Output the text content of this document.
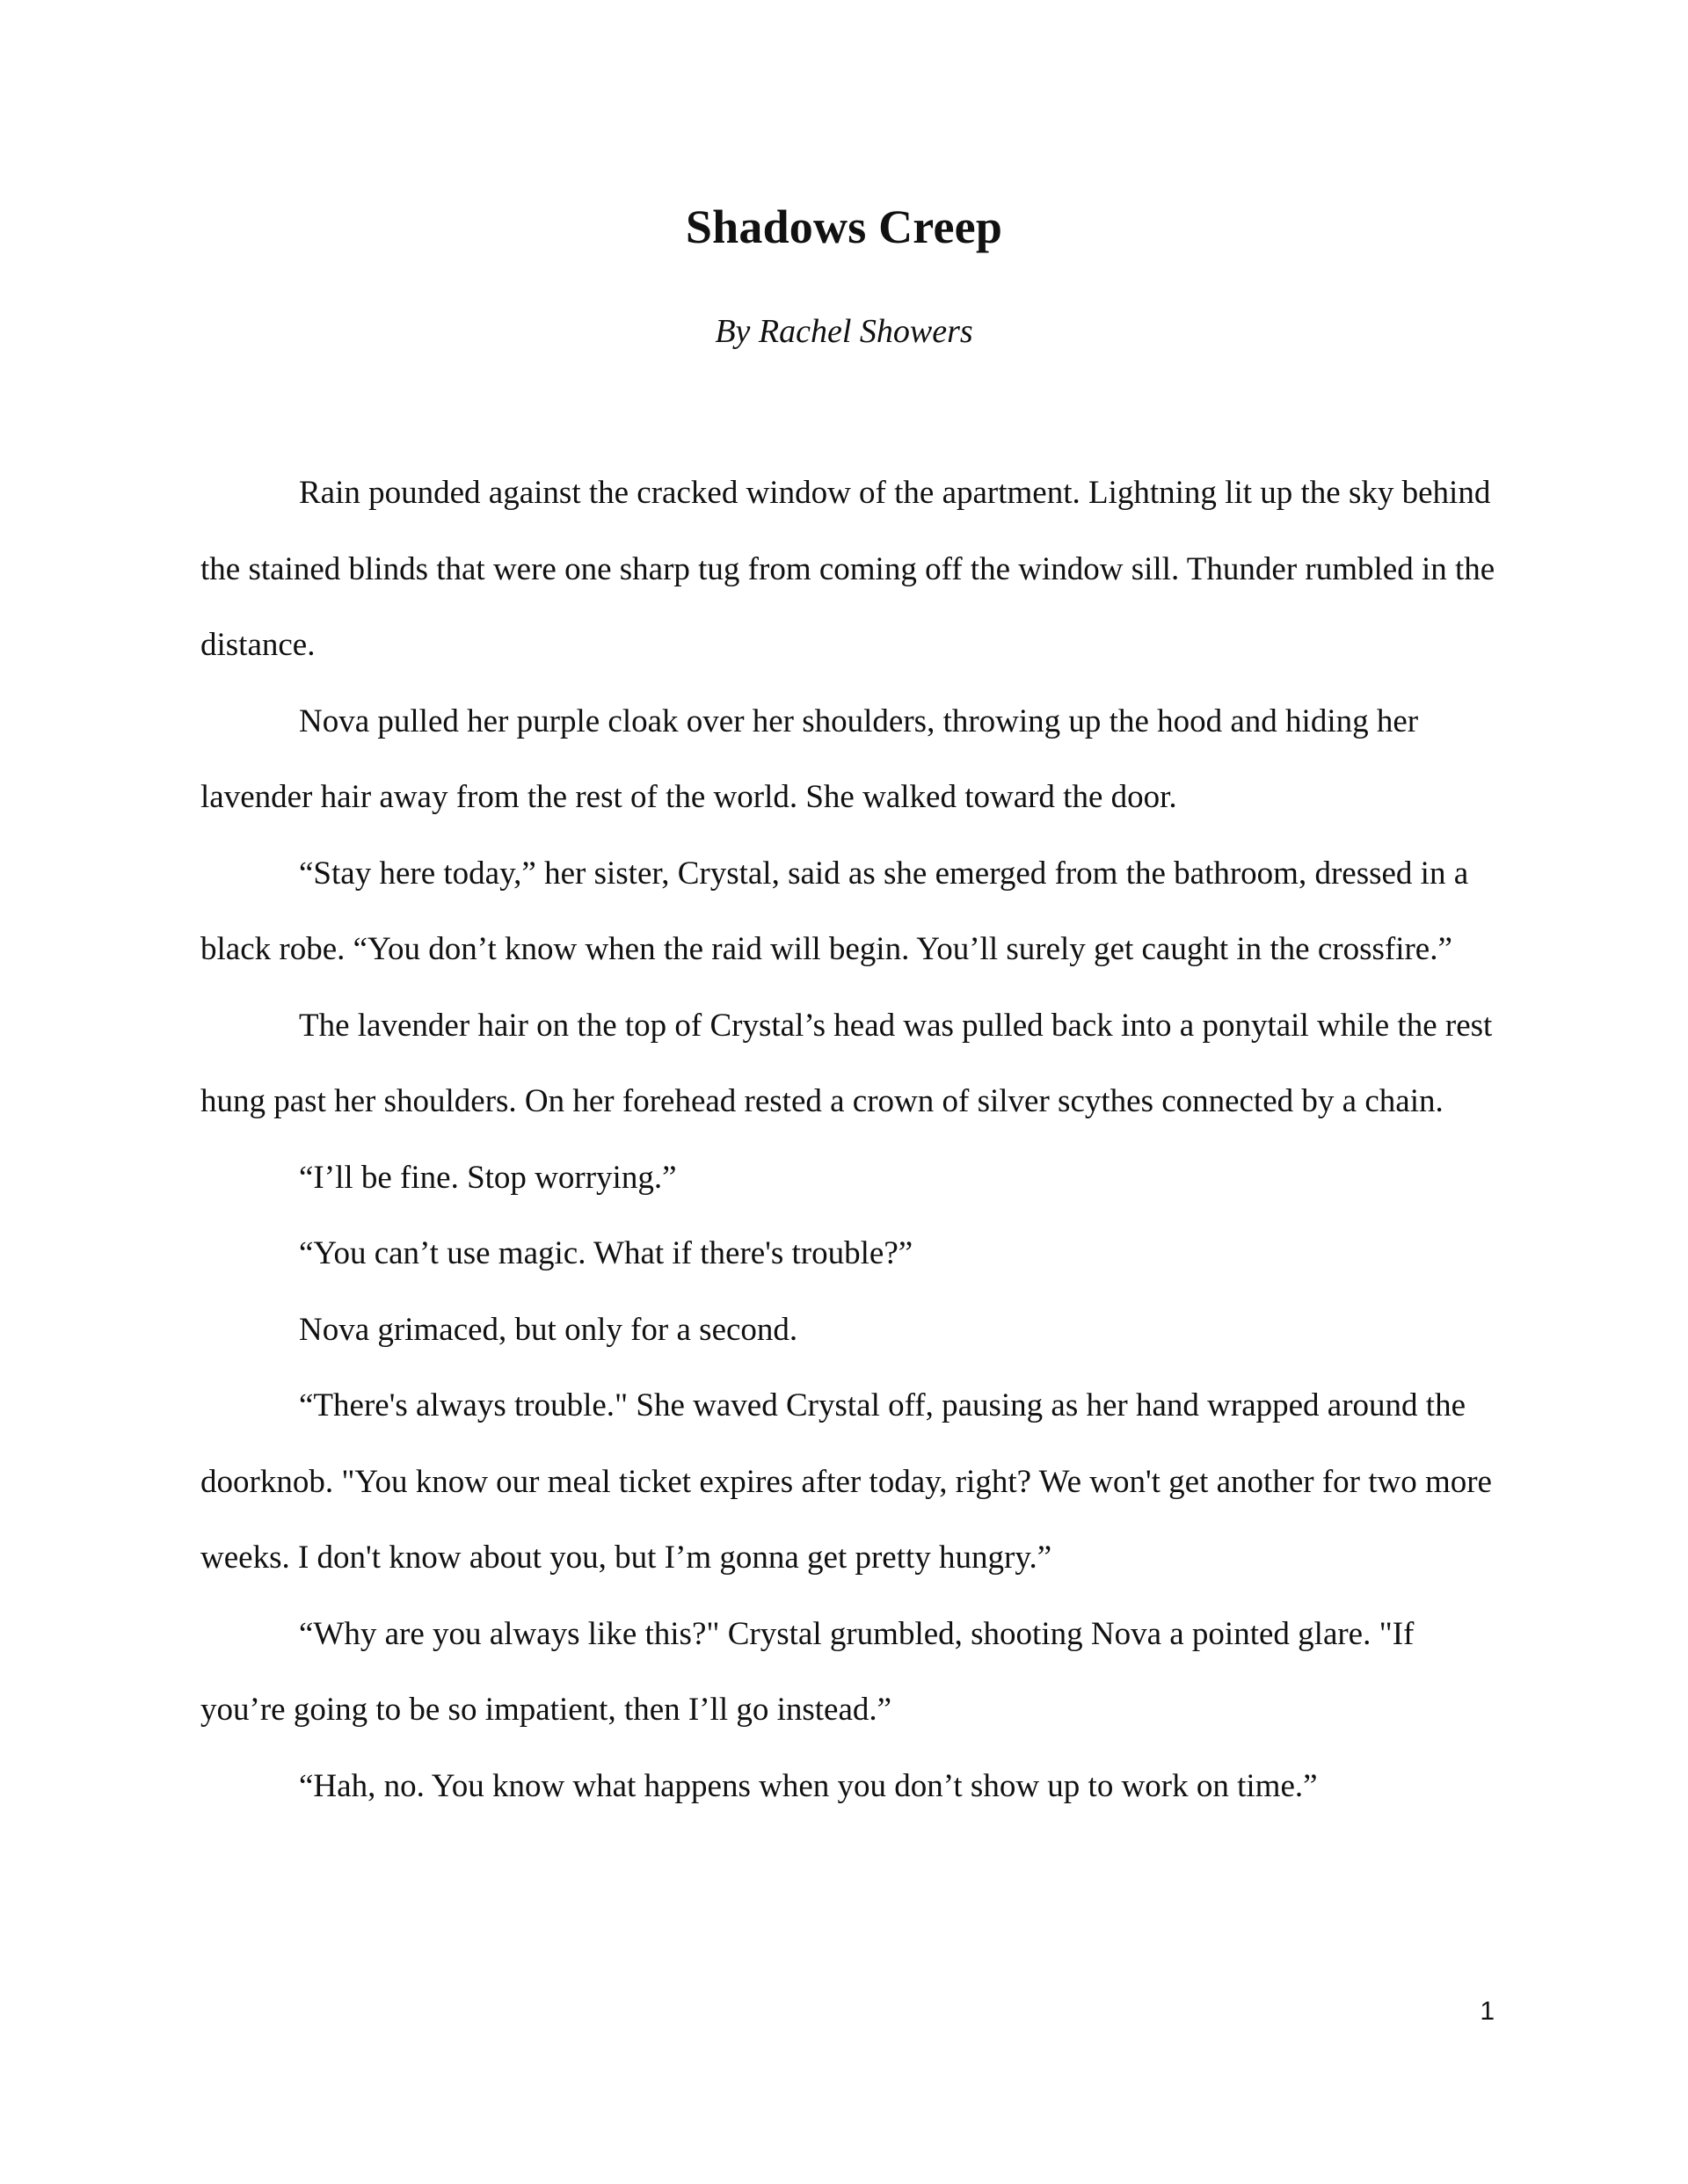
Shadows Creep
By Rachel Showers

Rain pounded against the cracked window of the apartment. Lightning lit up the sky behind the stained blinds that were one sharp tug from coming off the window sill. Thunder rumbled in the distance.

Nova pulled her purple cloak over her shoulders, throwing up the hood and hiding her lavender hair away from the rest of the world. She walked toward the door.

“Stay here today,” her sister, Crystal, said as she emerged from the bathroom, dressed in a black robe. “You don’t know when the raid will begin. You’ll surely get caught in the crossfire.”

The lavender hair on the top of Crystal’s head was pulled back into a ponytail while the rest hung past her shoulders. On her forehead rested a crown of silver scythes connected by a chain.

“I’ll be fine. Stop worrying.”

“You can’t use magic. What if there's trouble?”

Nova grimaced, but only for a second.

“There's always trouble." She waved Crystal off, pausing as her hand wrapped around the doorknob. "You know our meal ticket expires after today, right? We won't get another for two more weeks. I don't know about you, but I’m gonna get pretty hungry.”

“Why are you always like this?" Crystal grumbled, shooting Nova a pointed glare. "If you’re going to be so impatient, then I’ll go instead.”

“Hah, no. You know what happens when you don’t show up to work on time.”

1
